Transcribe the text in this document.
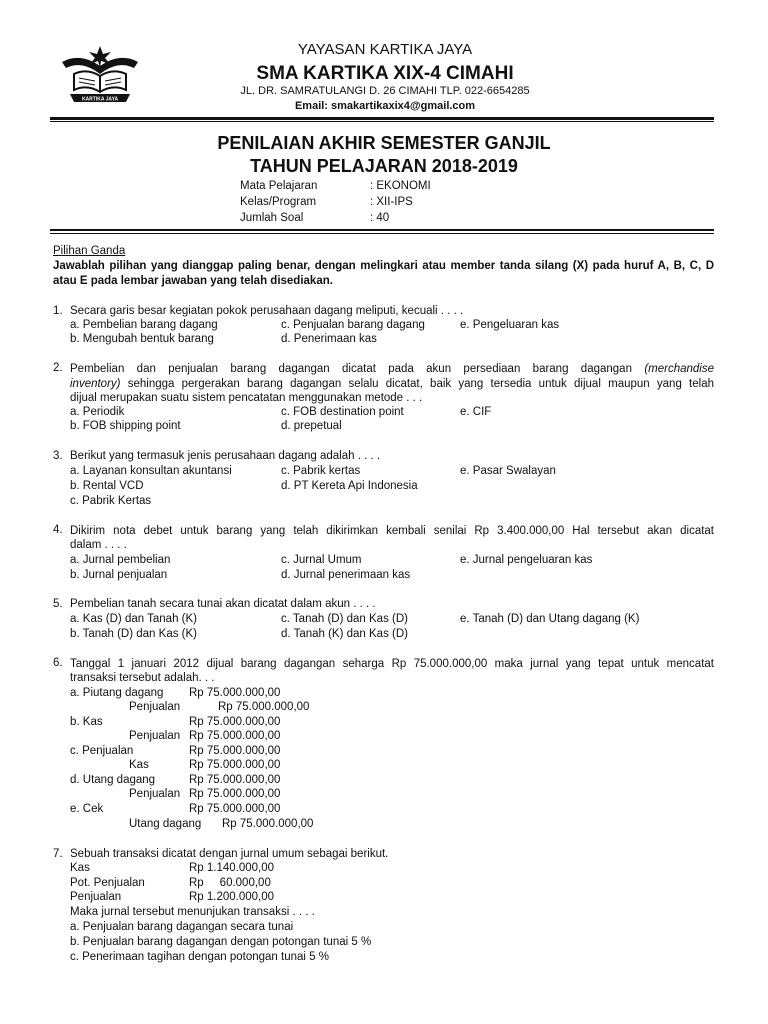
KARTIKA JAYA
YAYASAN KARTIKA JAYA
SMA KARTIKA XIX-4 CIMAHI
JL. DR. SAMRATULANGI D. 26 CIMAHI TLP. 022-6654285
Email: smakartikaxix4@gmail.com
PENILAIAN AKHIR SEMESTER GANJIL
TAHUN PELAJARAN 2018-2019
Mata Pelajaran	: EKONOMI
Kelas/Program	: XII-IPS
Jumlah Soal	: 40
Pilihan Ganda
Jawablah pilihan yang dianggap paling benar, dengan melingkari atau member tanda silang (X) pada huruf A, B, C, D
atau E pada lembar jawaban yang telah disediakan.
1. Secara garis besar kegiatan pokok perusahaan dagang meliputi, kecuali . . . .
a. Pembelian barang dagang	c. Penjualan barang dagang	e. Pengeluaran kas
b. Mengubah bentuk barang	d. Penerimaan kas
2. Pembelian dan penjualan barang dagangan dicatat pada akun persediaan barang dagangan (merchandise
inventory) sehingga pergerakan barang dagangan selalu dicatat, baik yang tersedia untuk dijual maupun yang telah
dijual merupakan suatu sistem pencatatan menggunakan metode . . .
a. Periodik	c. FOB destination point	e. CIF
b. FOB shipping point	d. prepetual
3. Berikut yang termasuk jenis perusahaan dagang adalah . . . .
a. Layanan konsultan akuntansi	c. Pabrik kertas	e. Pasar Swalayan
b. Rental VCD	d. PT Kereta Api Indonesia
c. Pabrik Kertas
4. Dikirim nota debet untuk barang yang telah dikirimkan kembali senilai Rp 3.400.000,00 Hal tersebut akan dicatat
dalam . . . .
a. Jurnal pembelian	c. Jurnal Umum	e. Jurnal pengeluaran kas
b. Jurnal penjualan	d. Jurnal penerimaan kas
5. Pembelian tanah secara tunai akan dicatat dalam akun . . . .
a. Kas (D) dan Tanah (K)	c. Tanah (D) dan Kas (D)	e. Tanah (D) dan Utang dagang (K)
b. Tanah (D) dan Kas (K)	d. Tanah (K) dan Kas (D)
6. Tanggal 1 januari 2012 dijual barang dagangan seharga Rp 75.000.000,00 maka jurnal yang tepat untuk mencatat
transaksi tersebut adalah. . .
a. Piutang dagang Rp 75.000.000,00
Penjualan	Rp 75.000.000,00
b. Kas	Rp 75.000.000,00
Penjualan Rp 75.000.000,00
c. Penjualan	Rp 75.000.000,00
Kas	Rp 75.000.000,00
d. Utang dagang	Rp 75.000.000,00
Penjualan Rp 75.000.000,00
e. Cek	Rp 75.000.000,00
Utang dagang Rp 75.000.000,00
7. Sebuah transaksi dicatat dengan jurnal umum sebagai berikut.
Kas	Rp 1.140.000,00
Pot. Penjualan	Rp     60.000,00
Penjualan	Rp 1.200.000,00
Maka jurnal tersebut menunjukan transaksi . . . .
a. Penjualan barang dagangan secara tunai
b. Penjualan barang dagangan dengan potongan tunai 5 %
c. Penerimaan tagihan dengan potongan tunai 5 %
